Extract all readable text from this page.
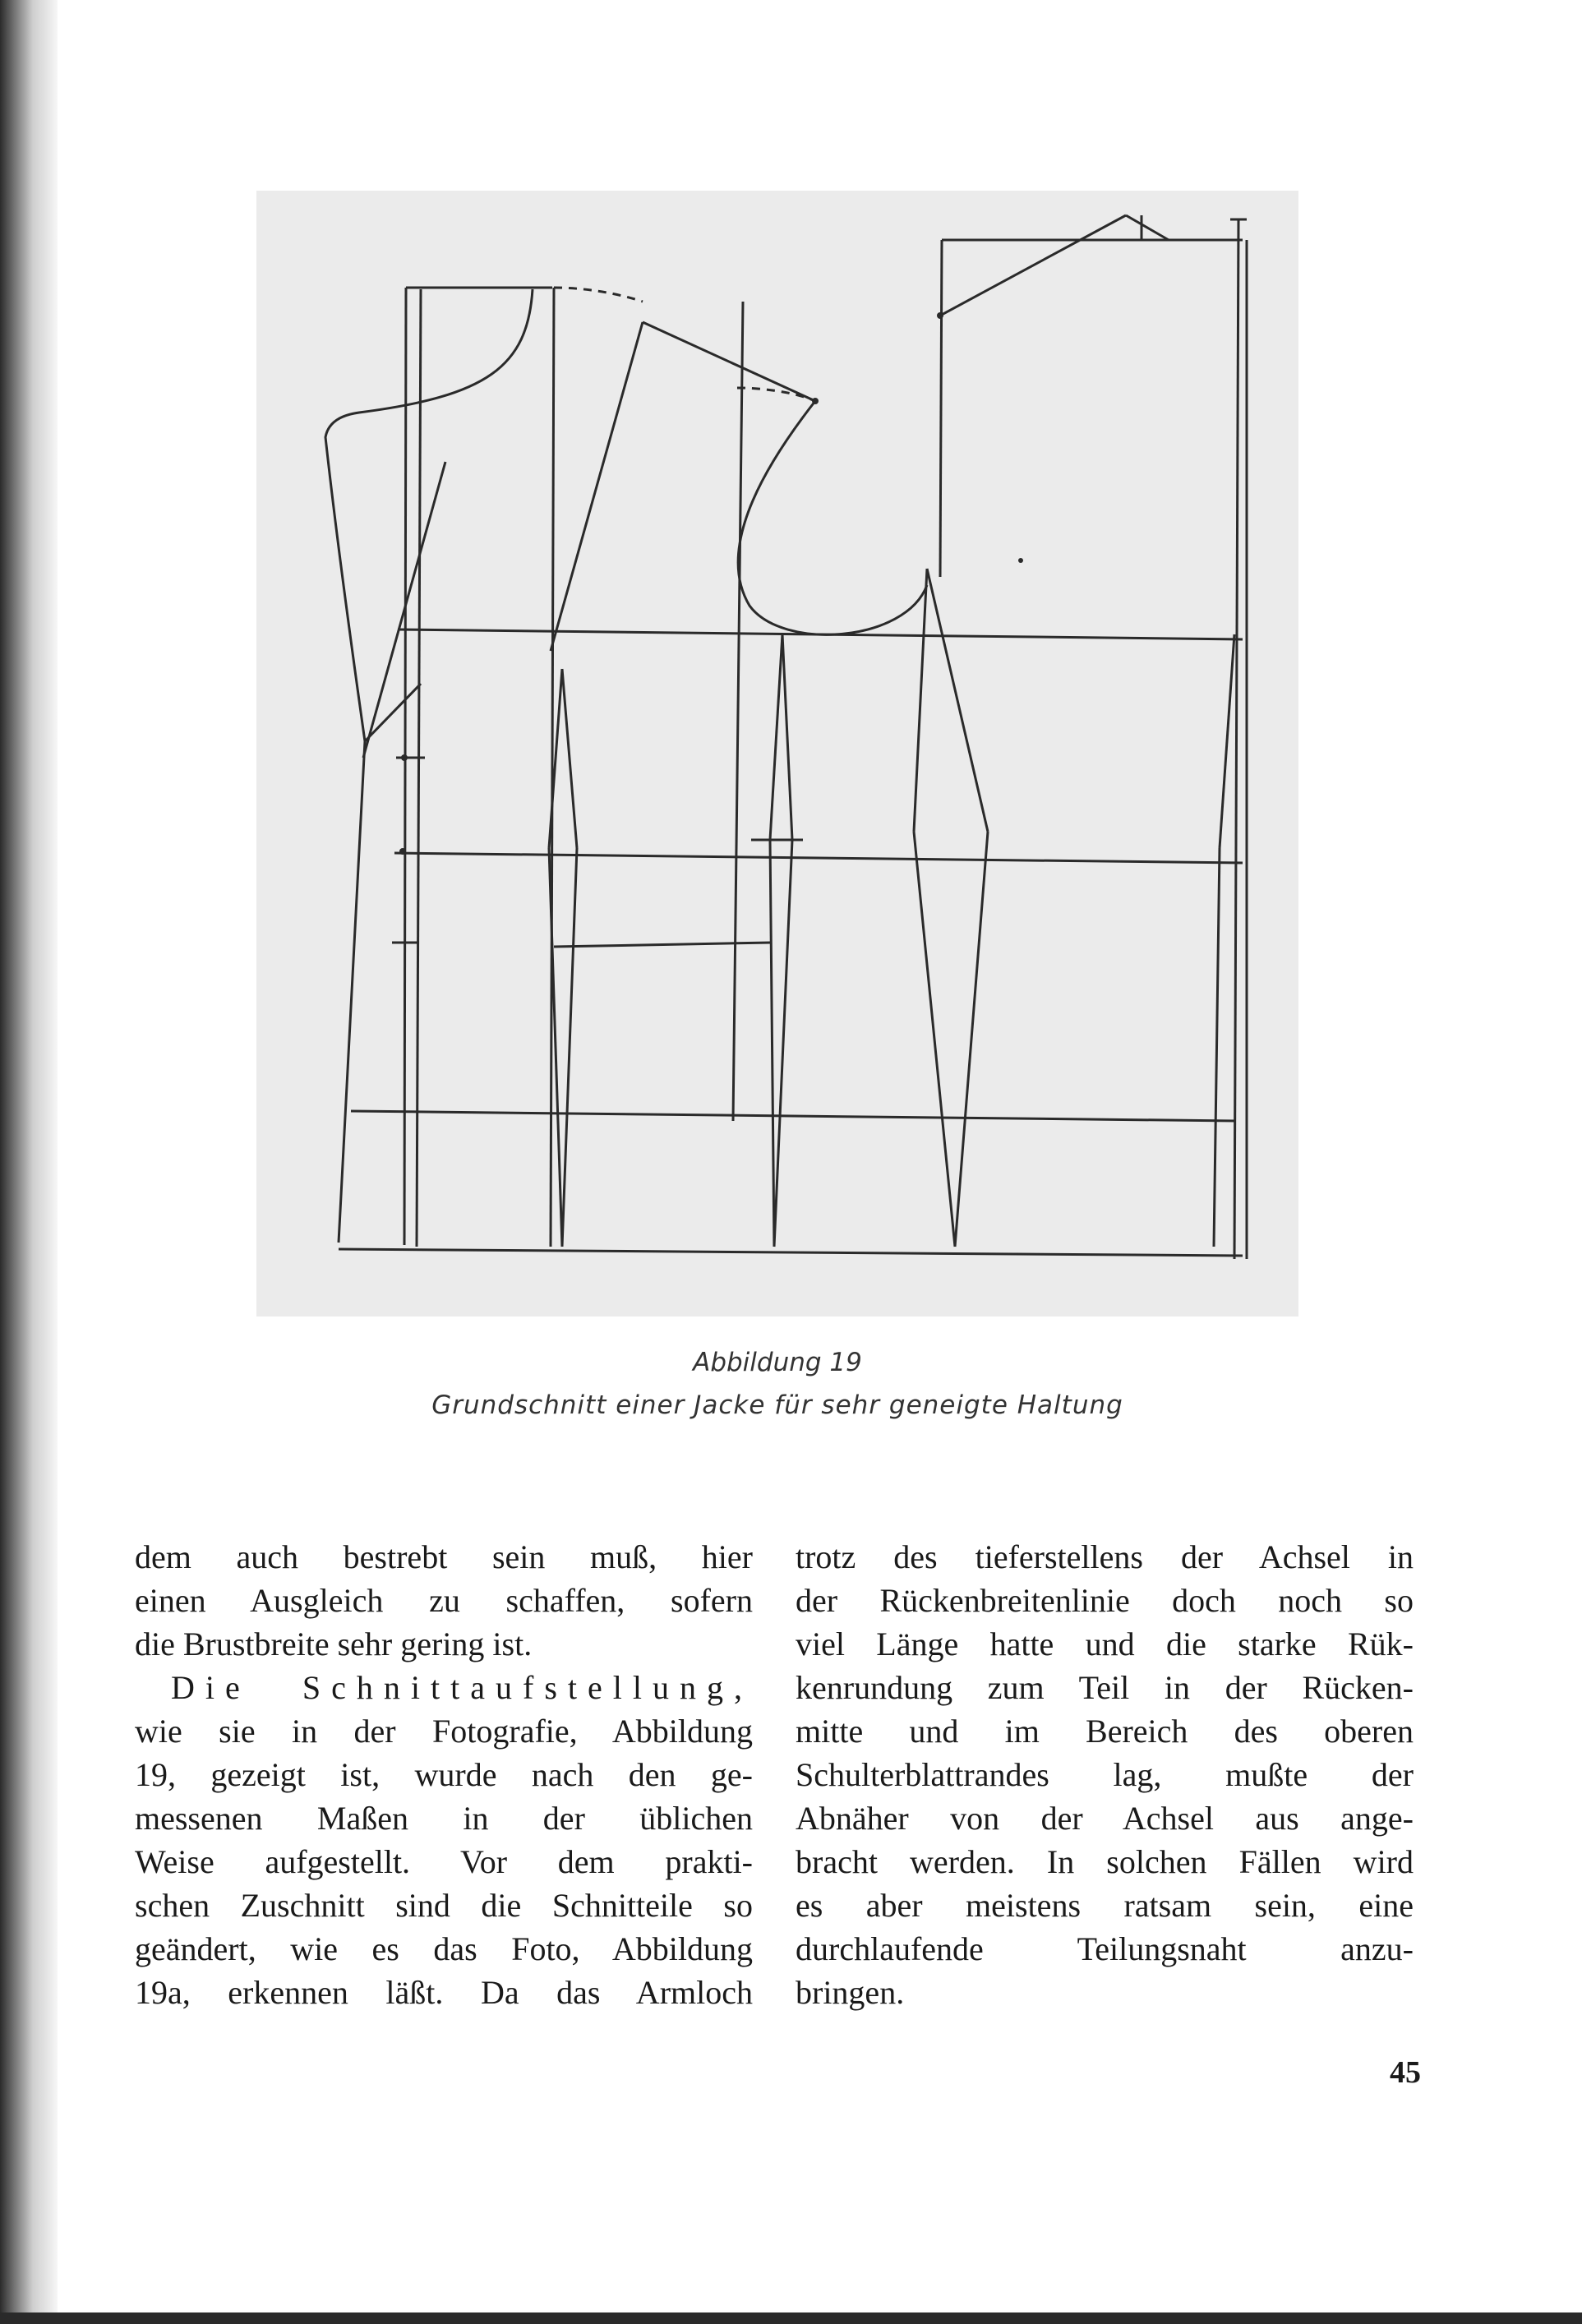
Abbildung 19
Grundschnitt einer Jacke für sehr geneigte Haltung
dem auch bestrebt sein muß, hier
einen Ausgleich zu schaffen, sofern
die Brustbreite sehr gering ist.
Die Schnittaufstellung,
wie sie in der Fotografie, Abbildung
19, gezeigt ist, wurde nach den ge-
messenen Maßen in der üblichen
Weise aufgestellt. Vor dem prakti-
schen Zuschnitt sind die Schnitteile so
geändert, wie es das Foto, Abbildung
19a, erkennen läßt. Da das Armloch
trotz des tieferstellens der Achsel in
der Rückenbreitenlinie doch noch so
viel Länge hatte und die starke Rük-
kenrundung zum Teil in der Rücken-
mitte und im Bereich des oberen
Schulterblattrandes lag, mußte der
Abnäher von der Achsel aus ange-
bracht werden. In solchen Fällen wird
es aber meistens ratsam sein, eine
durchlaufende Teilungsnaht anzu-
bringen.
45
